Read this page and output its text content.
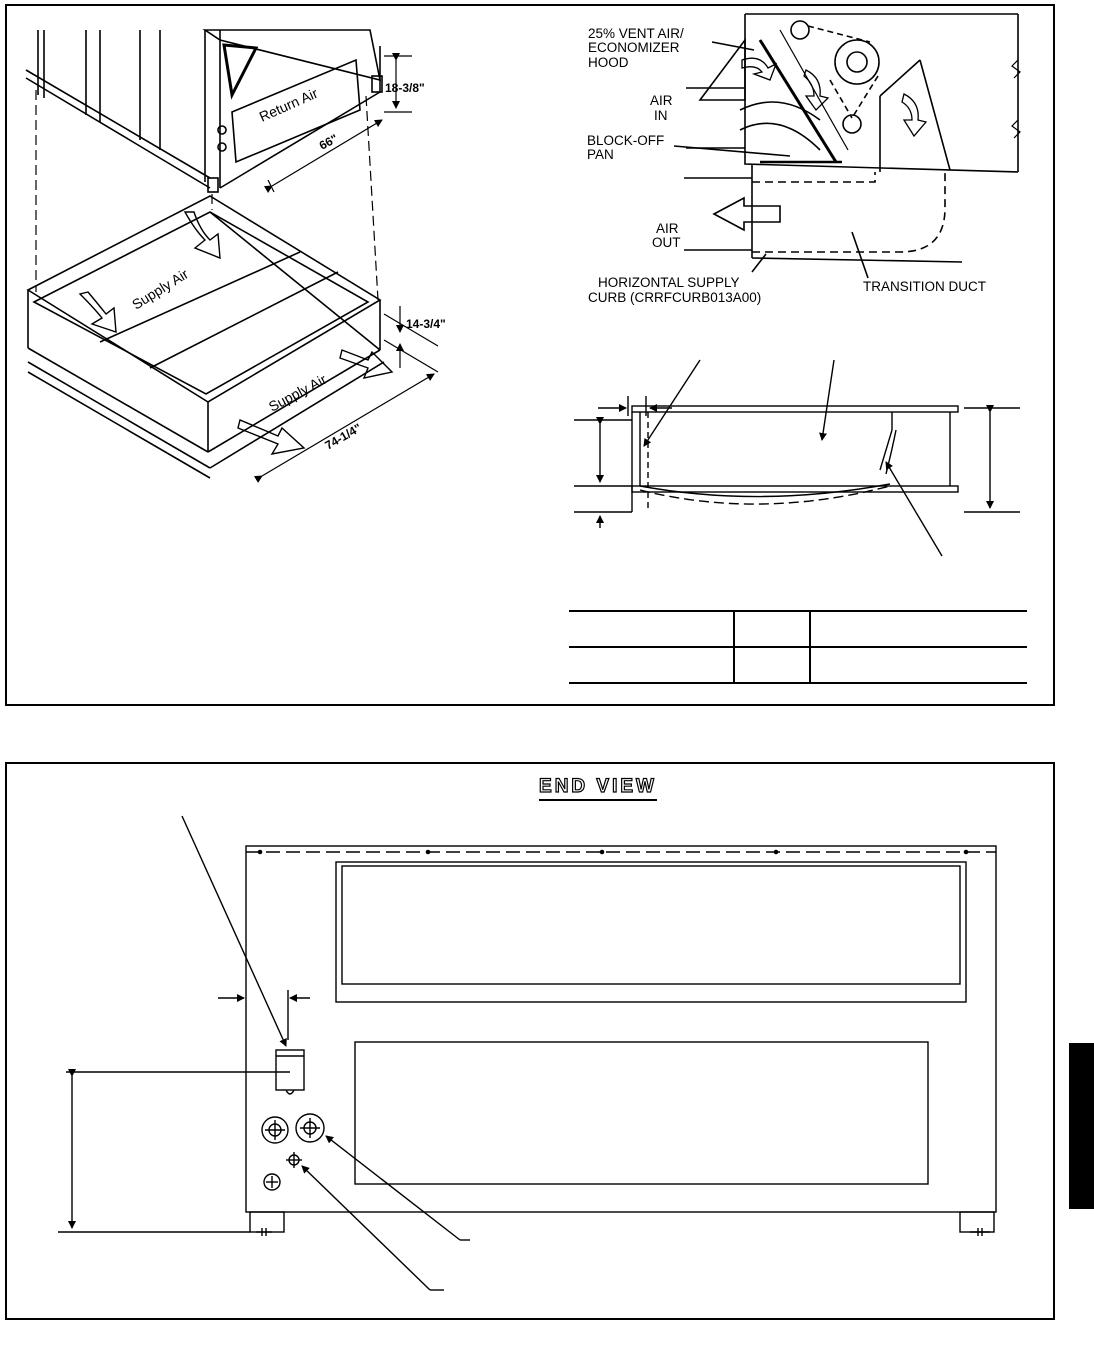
Return Air	18-3/8"
66"
Supply Air
Supply Air
14-3/4"
74-1/4"
25% VENT AIR/
ECONOMIZER
HOOD
AIR
IN
BLOCK-OFF
PAN
AIR
OUT
HORIZONTAL SUPPLY
CURB (CRRFCURB013A00)
TRANSITION DUCT

END VIEW
